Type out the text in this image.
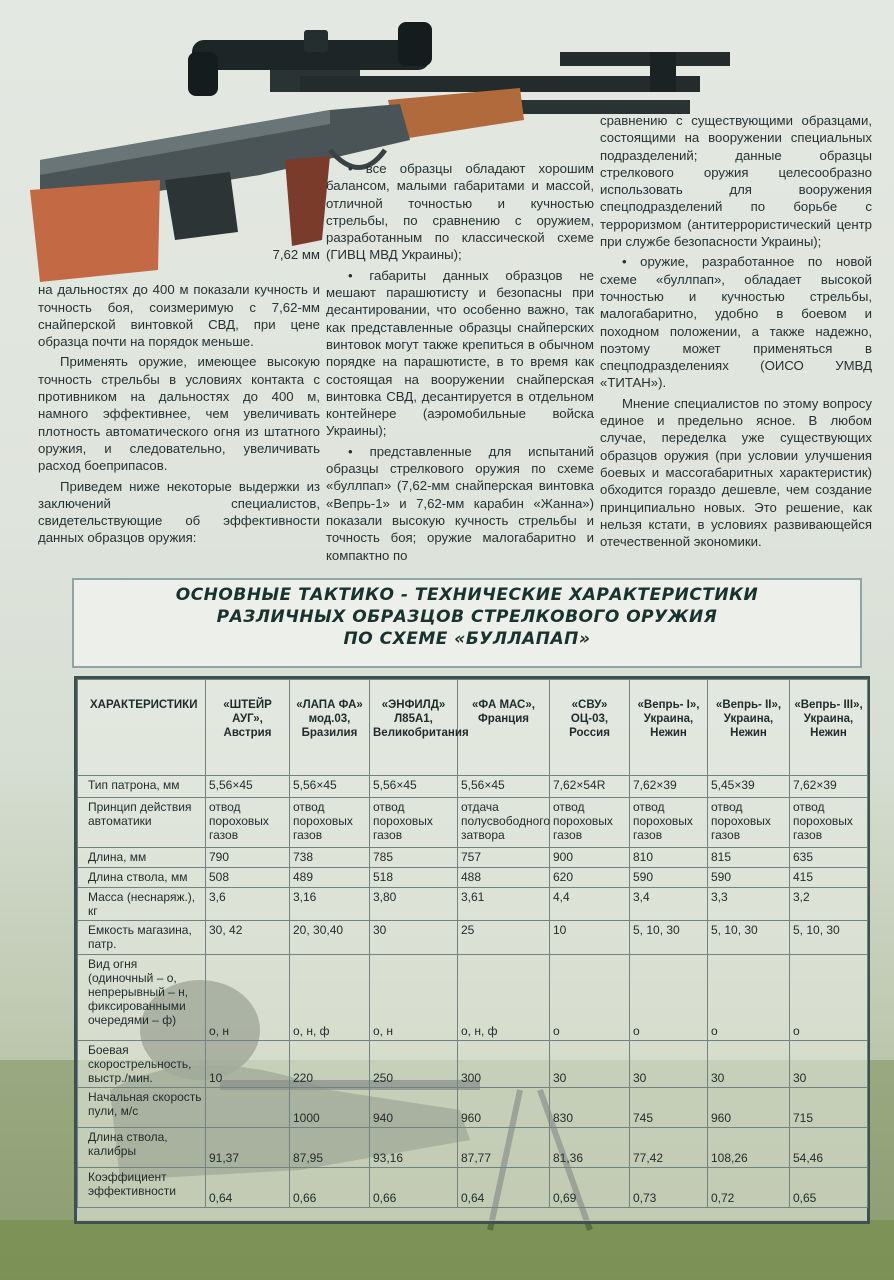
7,62 мм

на дальностях до 400 м показали кучность и точность боя, соизмеримую с 7,62-мм снайперской винтовкой СВД, при цене образца почти на порядок меньше.

Применять оружие, имеющее высокую точность стрельбы в условиях контакта с противником на дальностях до 400 м, намного эффективнее, чем увеличивать плотность автоматического огня из штатного оружия, и следовательно, увеличивать расход боеприпасов.

Приведем ниже некоторые выдержки из заключений специалистов, свидетельствующие об эффективности данных образцов оружия:

• все образцы обладают хорошим балансом, малыми габаритами и массой, отличной точностью и кучностью стрельбы, по сравнению с оружием, разработанным по классической схеме (ГИВЦ МВД Украины);

• габариты данных образцов не мешают парашютисту и безопасны при десантировании, что особенно важно, так как представленные образцы снайперских винтовок могут также крепиться в обычном порядке на парашютисте, в то время как состоящая на вооружении снайперская винтовка СВД, десантируется в отдельном контейнере (аэромобильные войска Украины);

• представленные для испытаний образцы стрелкового оружия по схеме «буллпап» (7,62-мм снайперская винтовка «Вепрь-1» и 7,62-мм карабин «Жанна») показали высокую кучность стрельбы и точность боя; оружие малогабаритно и компактно по

сравнению с существующими образцами, состоящими на вооружении специальных подразделений; данные образцы стрелкового оружия целесообразно использовать для вооружения спецподразделений по борьбе с терроризмом (антитеррористический центр при службе безопасности Украины);

• оружие, разработанное по новой схеме «буллпап», обладает высокой точностью и кучностью стрельбы, малогабаритно, удобно в боевом и походном положении, а также надежно, поэтому может применяться в спецподразделениях (ОИСО УМВД «ТИТАН»).

Мнение специалистов по этому вопросу единое и предельно ясное. В любом случае, переделка уже существующих образцов оружия (при условии улучшения боевых и массогабаритных характеристик) обходится гораздо дешевле, чем создание принципиально новых. Это решение, как нельзя кстати, в условиях развивающейся отечественной экономики.

ОСНОВНЫЕ ТАКТИКО - ТЕХНИЧЕСКИЕ ХАРАКТЕРИСТИКИ
РАЗЛИЧНЫХ ОБРАЗЦОВ СТРЕЛКОВОГО ОРУЖИЯ
ПО СХЕМЕ «БУЛЛАПАП»
ХАРАКТЕРИСТИКИ	«ШТЕЙР АУГ», Австрия	«ЛАПА ФА» мод.03, Бразилия	«ЭНФИЛД» Л85А1, Великобритания	«ФА МАС», Франция	«СВУ» ОЦ-03, Россия	«Вепрь- I», Украина, Нежин	«Вепрь- II», Украина, Нежин	«Вепрь- III», Украина, Нежин
Тип патрона, мм	5,56×45	5,56×45	5,56×45	5,56×45	7,62×54R	7,62×39	5,45×39	7,62×39
Принцип действия автоматики	отвод пороховых газов	отвод пороховых газов	отвод пороховых газов	отдача полусвободного затвора	отвод пороховых газов	отвод пороховых газов	отвод пороховых газов	отвод пороховых газов
Длина, мм	790	738	785	757	900	810	815	635
Длина ствола, мм	508	489	518	488	620	590	590	415
Масса (неснаряж.), кг	3,6	3,16	3,80	3,61	4,4	3,4	3,3	3,2
Емкость магазина, патр.	30, 42	20, 30,40	30	25	10	5, 10, 30	5, 10, 30	5, 10, 30
Вид огня (одиночный – о, непрерывный – н, фиксированными очередями – ф)	о, н	о, н, ф	о, н	о, н, ф	о	о	о	о
Боевая скорострельность, выстр./мин.	10	220	250	300	30	30	30	30
Начальная скорость пули, м/с		1000	940	960	830	745	960	715
Длина ствола, калибры	91,37	87,95	93,16	87,77	81,36	77,42	108,26	54,46
Коэффициент эффективности	0,64	0,66	0,66	0,64	0,69	0,73	0,72	0,65
